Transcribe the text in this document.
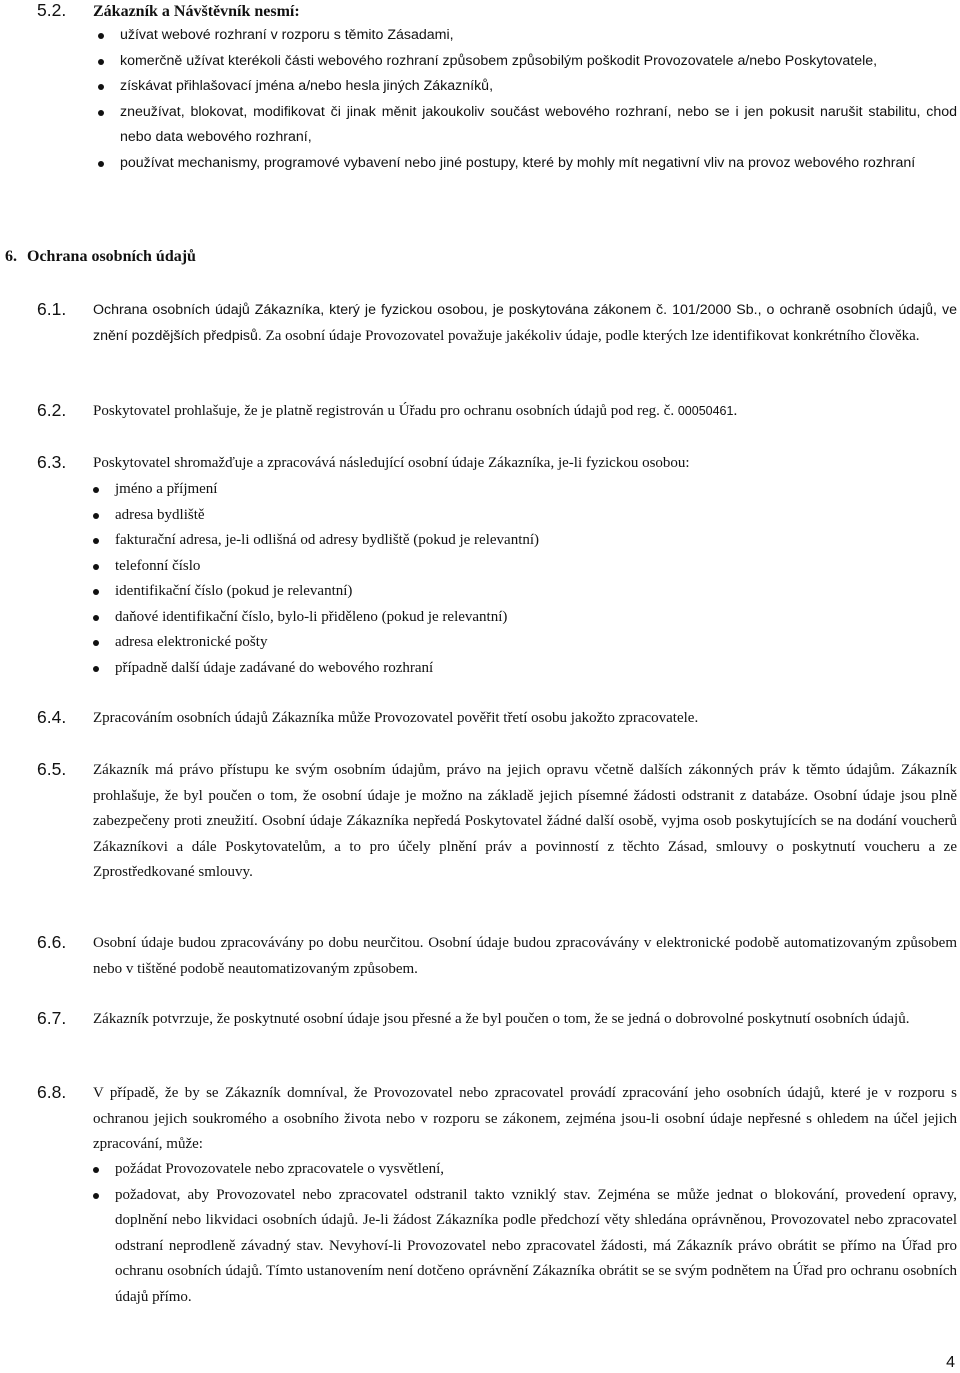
5.2. Zákazník a Návštěvník nesmí:
užívat webové rozhraní v rozporu s těmito Zásadami,
komerčně užívat kterékoli části webového rozhraní způsobem způsobilým poškodit Provozovatele a/nebo Poskytovatele,
získávat přihlašovací jména a/nebo hesla jiných Zákazníků,
zneužívat, blokovat, modifikovat či jinak měnit jakoukoliv součást webového rozhraní, nebo se i jen pokusit narušit stabilitu, chod nebo data webového rozhraní,
používat mechanismy, programové vybavení nebo jiné postupy, které by mohly mít negativní vliv na provoz webového rozhraní
6. Ochrana osobních údajů
6.1. Ochrana osobních údajů Zákazníka, který je fyzickou osobou, je poskytována zákonem č. 101/2000 Sb., o ochraně osobních údajů, ve znění pozdějších předpisů. Za osobní údaje Provozovatel považuje jakékoliv údaje, podle kterých lze identifikovat konkrétního člověka.
6.2. Poskytovatel prohlašuje, že je platně registrován u Úřadu pro ochranu osobních údajů pod reg. č. 00050461.
6.3. Poskytovatel shromažďuje a zpracovává následující osobní údaje Zákazníka, je-li fyzickou osobou:
jméno a příjmení
adresa bydliště
fakturační adresa, je-li odlišná od adresy bydliště (pokud je relevantní)
telefonní číslo
identifikační číslo (pokud je relevantní)
daňové identifikační číslo, bylo-li přiděleno (pokud je relevantní)
adresa elektronické pošty
případně další údaje zadávané do webového rozhraní
6.4. Zpracováním osobních údajů Zákazníka může Provozovatel pověřit třetí osobu jakožto zpracovatele.
6.5. Zákazník má právo přístupu ke svým osobním údajům, právo na jejich opravu včetně dalších zákonných práv k těmto údajům. Zákazník prohlašuje, že byl poučen o tom, že osobní údaje je možno na základě jejich písemné žádosti odstranit z databáze. Osobní údaje jsou plně zabezpečeny proti zneužití. Osobní údaje Zákazníka nepředá Poskytovatel žádné další osobě, vyjma osob poskytujících se na dodání voucherů Zákazníkovi a dále Poskytovatelům, a to pro účely plnění práv a povinností z těchto Zásad, smlouvy o poskytnutí voucheru a ze Zprostředkované smlouvy.
6.6. Osobní údaje budou zpracovávány po dobu neurčitou. Osobní údaje budou zpracovávány v elektronické podobě automatizovaným způsobem nebo v tištěné podobě neautomatizovaným způsobem.
6.7. Zákazník potvrzuje, že poskytnuté osobní údaje jsou přesné a že byl poučen o tom, že se jedná o dobrovolné poskytnutí osobních údajů.
6.8. V případě, že by se Zákazník domníval, že Provozovatel nebo zpracovatel provádí zpracování jeho osobních údajů, které je v rozporu s ochranou jejich soukromého a osobního života nebo v rozporu se zákonem, zejména jsou-li osobní údaje nepřesné s ohledem na účel jejich zpracování, může:
požádat Provozovatele nebo zpracovatele o vysvětlení,
požadovat, aby Provozovatel nebo zpracovatel odstranil takto vzniklý stav. Zejména se může jednat o blokování, provedení opravy, doplnění nebo likvidaci osobních údajů. Je-li žádost Zákazníka podle předchozí věty shledána oprávněnou, Provozovatel nebo zpracovatel odstraní neprodleně závadný stav. Nevyhoví-li Provozovatel nebo zpracovatel žádosti, má Zákazník právo obrátit se přímo na Úřad pro ochranu osobních údajů. Tímto ustanovením není dotčeno oprávnění Zákazníka obrátit se se svým podnětem na Úřad pro ochranu osobních údajů přímo.
4
